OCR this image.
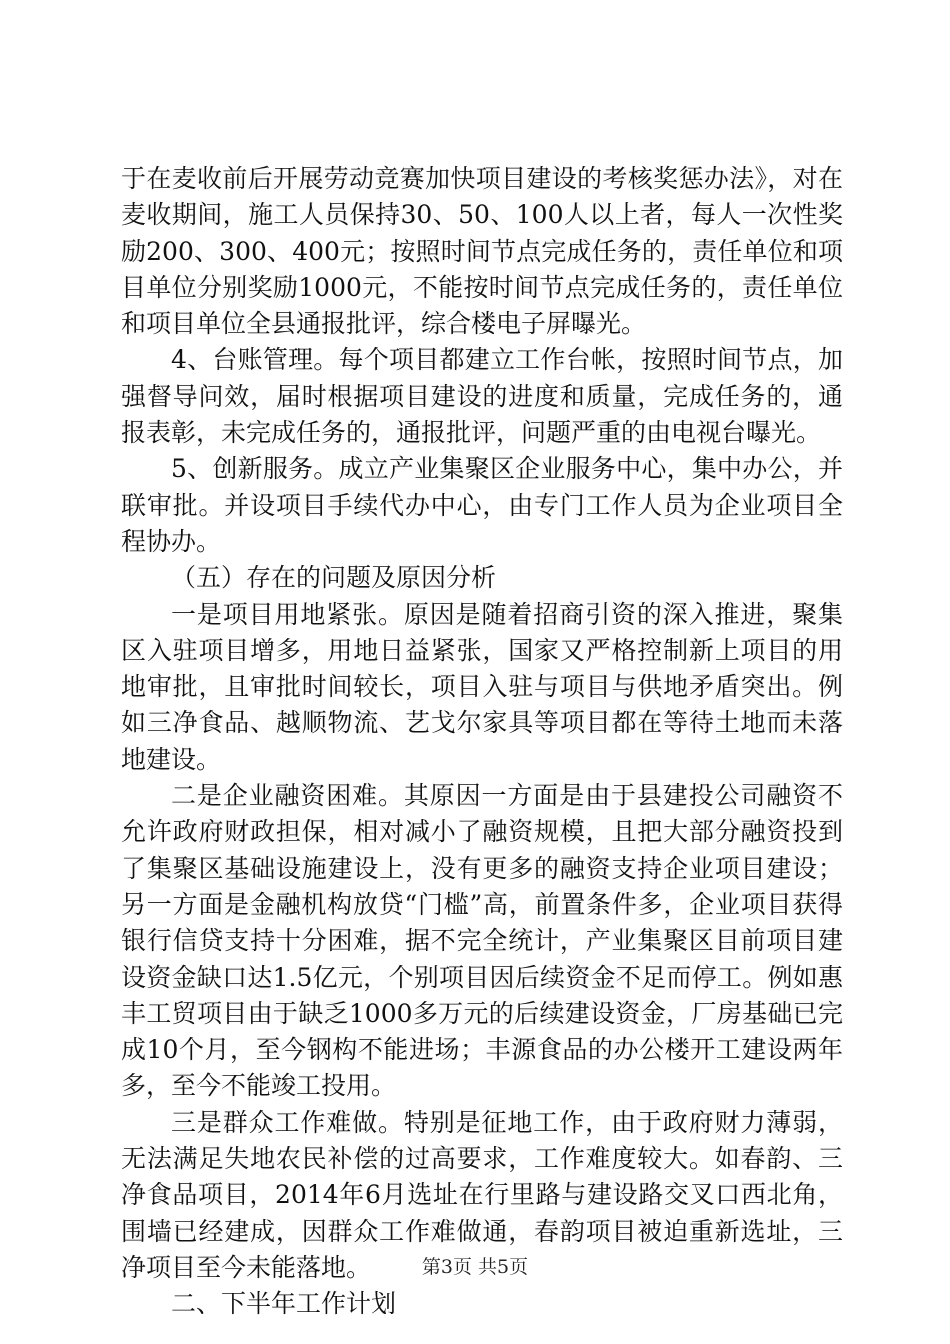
于在麦收前后开展劳动竞赛加快项目建设的考核奖惩办法》，对在麦收期间，施工人员保持30、50、100人以上者，每人一次性奖励200、300、400元；按照时间节点完成任务的，责任单位和项目单位分别奖励1000元，不能按时间节点完成任务的，责任单位和项目单位全县通报批评，综合楼电子屏曝光。

4、台账管理。每个项目都建立工作台帐，按照时间节点，加强督导问效，届时根据项目建设的进度和质量，完成任务的，通报表彰，未完成任务的，通报批评，问题严重的由电视台曝光。

5、创新服务。成立产业集聚区企业服务中心，集中办公，并联审批。并设项目手续代办中心，由专门工作人员为企业项目全程协办。

（五）存在的问题及原因分析

一是项目用地紧张。原因是随着招商引资的深入推进，聚集区入驻项目增多，用地日益紧张，国家又严格控制新上项目的用地审批，且审批时间较长，项目入驻与项目与供地矛盾突出。例如三净食品、越顺物流、艺戈尔家具等项目都在等待土地而未落地建设。

二是企业融资困难。其原因一方面是由于县建投公司融资不允许政府财政担保，相对减小了融资规模，且把大部分融资投到了集聚区基础设施建设上，没有更多的融资支持企业项目建设；另一方面是金融机构放贷“门槛”高，前置条件多，企业项目获得银行信贷支持十分困难，据不完全统计，产业集聚区目前项目建设资金缺口达1.5亿元，个别项目因后续资金不足而停工。例如惠丰工贸项目由于缺乏1000多万元的后续建设资金，厂房基础已完成10个月，至今钢构不能进场；丰源食品的办公楼开工建设两年多，至今不能竣工投用。

三是群众工作难做。特别是征地工作，由于政府财力薄弱，无法满足失地农民补偿的过高要求，工作难度较大。如春韵、三净食品项目，2014年6月选址在行里路与建设路交叉口西北角，围墙已经建成，因群众工作难做通，春韵项目被迫重新选址，三净项目至今未能落地。

二、下半年工作计划

第3页 共5页
